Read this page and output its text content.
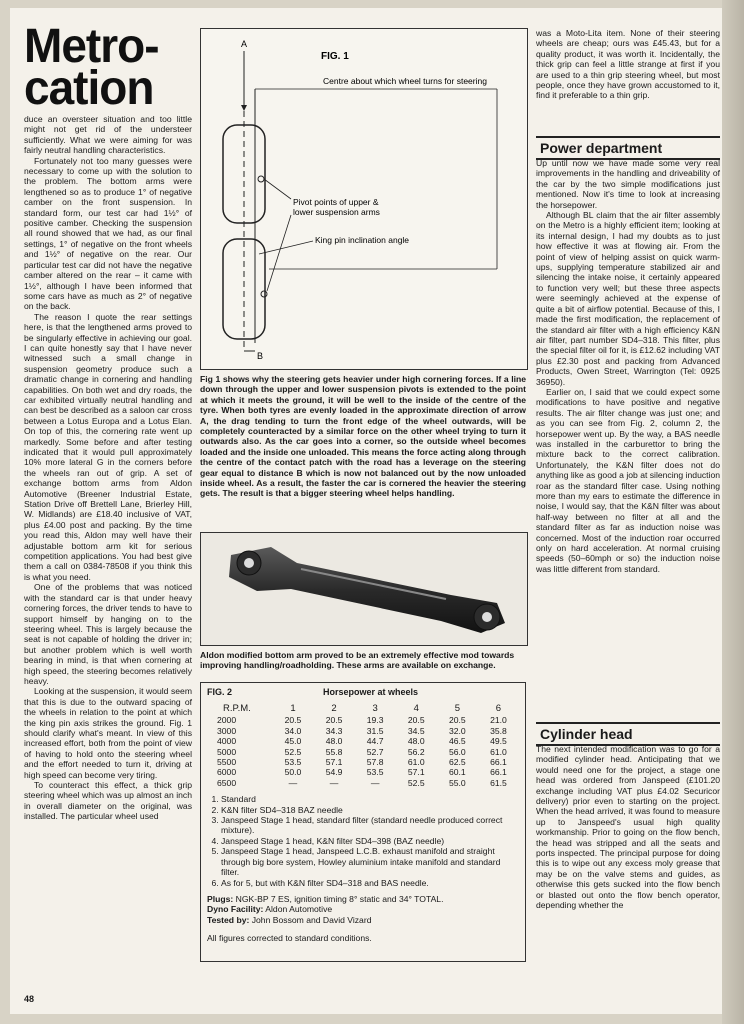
Metro-
cation

duce an oversteer situation and too little might not get rid of the understeer sufficiently. What we were aiming for was fairly neutral handling characteristics.

Fortunately not too many guesses were necessary to come up with the solution to the problem. The bottom arms were lengthened so as to produce 1° of negative camber on the front suspension. In standard form, our test car had 1½° of positive camber. Checking the suspension all round showed that we had, as our final settings, 1° of negative on the front wheels and 1½° of negative on the rear. Our particular test car did not have the negative camber altered on the rear – it came with 1½°, although I have been informed that some cars have as much as 2° of negative on the back.

The reason I quote the rear settings here, is that the lengthened arms proved to be singularly effective in achieving our goal. I can quite honestly say that I have never witnessed such a small change in suspension geometry produce such a dramatic change in cornering and handling capabilities. On both wet and dry roads, the car exhibited virtually neutral handling and can best be described as a saloon car cross between a Lotus Europa and a Lotus Elan. On top of this, the cornering rate went up markedly. Some before and after testing indicated that it would pull approximately 10% more lateral G in the corners before the wheels ran out of grip. A set of exchange bottom arms from Aldon Automotive (Breener Industrial Estate, Station Drive off Brettell Lane, Brierley Hill, W. Midlands) are £18.40 inclusive of VAT, plus £4.00 post and packing. By the time you read this, Aldon may well have their adjustable bottom arm kit for serious competition applications. You had best give them a call on 0384-78508 if you think this is what you need.

One of the problems that was noticed with the standard car is that under heavy cornering forces, the driver tends to have to support himself by hanging on to the steering wheel. This is largely because the seat is not capable of holding the driver in; but another problem which is well worth bearing in mind, is that when cornering at high speed, the steering becomes relatively heavy.

Looking at the suspension, it would seem that this is due to the outward spacing of the wheels in relation to the point at which the king pin axis strikes the ground. Fig. 1 should clarify what's meant. In view of this increased effort, both from the point of view of having to hold onto the steering wheel and the effort needed to turn it, driving at high speed can become very tiring.

To counteract this effect, a thick grip steering wheel which was up almost an inch in overall diameter on the original, was installed. The particular wheel used

FIG. 1
Centre about which wheel turns for steering
A
Pivot points of upper &
lower suspension arms
King pin inclination angle
B
Fig 1 shows why the steering gets heavier under high cornering forces. If a line down through the upper and lower suspension pivots is extended to the point at which it meets the ground, it will be well to the inside of the centre of the tyre. When both tyres are evenly loaded in the approximate direction of arrow A, the drag tending to turn the front edge of the wheel outwards, will be completely counteracted by a similar force on the other wheel trying to turn it outwards also. As the car goes into a corner, so the outside wheel becomes loaded and the inside one unloaded. This means the force acting along through the centre of the contact patch with the road has a leverage on the steering gear equal to distance B which is now not balanced out by the now unloaded inside wheel. As a result, the faster the car is cornered the heavier the steering gets. The result is that a bigger steering wheel helps handling.
Aldon modified bottom arm proved to be an extremely effective mod towards improving handling/roadholding. These arms are available on exchange.
FIG. 2	Horsepower at wheels
R.P.M.	1	2	3	4	5	6
2000	20.5	20.5	19.3	20.5	20.5	21.0
3000	34.0	34.3	31.5	34.5	32.0	35.8
4000	45.0	48.0	44.7	48.0	46.5	49.5
5000	52.5	55.8	52.7	56.2	56.0	61.0
5500	53.5	57.1	57.8	61.0	62.5	66.1
6000	50.0	54.9	53.5	57.1	60.1	66.1
6500	—	—	—	52.5	55.0	61.5
1. Standard
2. K&N filter SD4–318 BAZ needle
3. Janspeed Stage 1 head, standard filter (standard needle produced correct mixture).
4. Janspeed Stage 1 head, K&N filter SD4–398 (BAZ needle)
5. Janspeed Stage 1 head, Janspeed L.C.B. exhaust manifold and straight through big bore system, Howley aluminium intake manifold and standard filter.
6. As for 5, but with K&N filter SD4–318 and BAS needle.

Plugs: NGK-BP 7 ES, ignition timing 8° static and 34° TOTAL.

Dyno Facility: Aldon Automotive

Tested by: John Bossom and David Vizard

All figures corrected to standard conditions.

was a Moto-Lita item. None of their steering wheels are cheap; ours was £45.43, but for a quality product, it was worth it. Incidentally, the thick grip can feel a little strange at first if you are used to a thin grip steering wheel, but most people, once they have grown accustomed to it, find it preferable to a thin grip.

Power department

Up until now we have made some very real improvements in the handling and driveability of the car by the two simple modifications just mentioned. Now it's time to look at increasing the horsepower.

Although BL claim that the air filter assembly on the Metro is a highly efficient item; looking at its internal design, I had my doubts as to just how effective it was at flowing air. From the point of view of helping assist on quick warm-ups, supplying temperature stabilized air and silencing the intake noise, it certainly appeared to function very well; but these three aspects were seemingly achieved at the expense of quite a bit of airflow potential. Because of this, I made the first modification, the replacement of the standard air filter with a high efficiency K&N air filter, part number SD4–318. This filter, plus the special filter oil for it, is £12.62 including VAT plus £2.30 post and packing from Advanced Products, Owen Street, Warrington (Tel: 0925 36950).

Earlier on, I said that we could expect some modifications to have positive and negative results. The air filter change was just one; and as you can see from Fig. 2, column 2, the horsepower went up. By the way, a BAS needle was installed in the carburettor to bring the mixture back to the correct calibration. Unfortunately, the K&N filter does not do anything like as good a job at silencing induction roar as the standard filter case. Using nothing more than my ears to estimate the difference in noise, I would say, that the K&N filter was about half-way between no filter at all and the standard filter as far as induction noise was concerned. Most of the induction roar occurred only on hard acceleration. At normal cruising speeds (50–60mph or so) the induction noise was little different from standard.

Cylinder head

The next intended modification was to go for a modified cylinder head. Anticipating that we would need one for the project, a stage one head was ordered from Janspeed (£101.20 exchange including VAT plus £4.02 Securicor delivery) prior even to starting on the project. When the head arrived, it was found to measure up to Janspeed's usual high quality workmanship. Prior to going on the flow bench, the head was stripped and all the seats and ports inspected. The principal purpose for doing this is to wipe out any excess moly grease that may be on the valve stems and guides, as otherwise this gets sucked into the flow bench or blasted out onto the flow bench operator, depending whether the

48
